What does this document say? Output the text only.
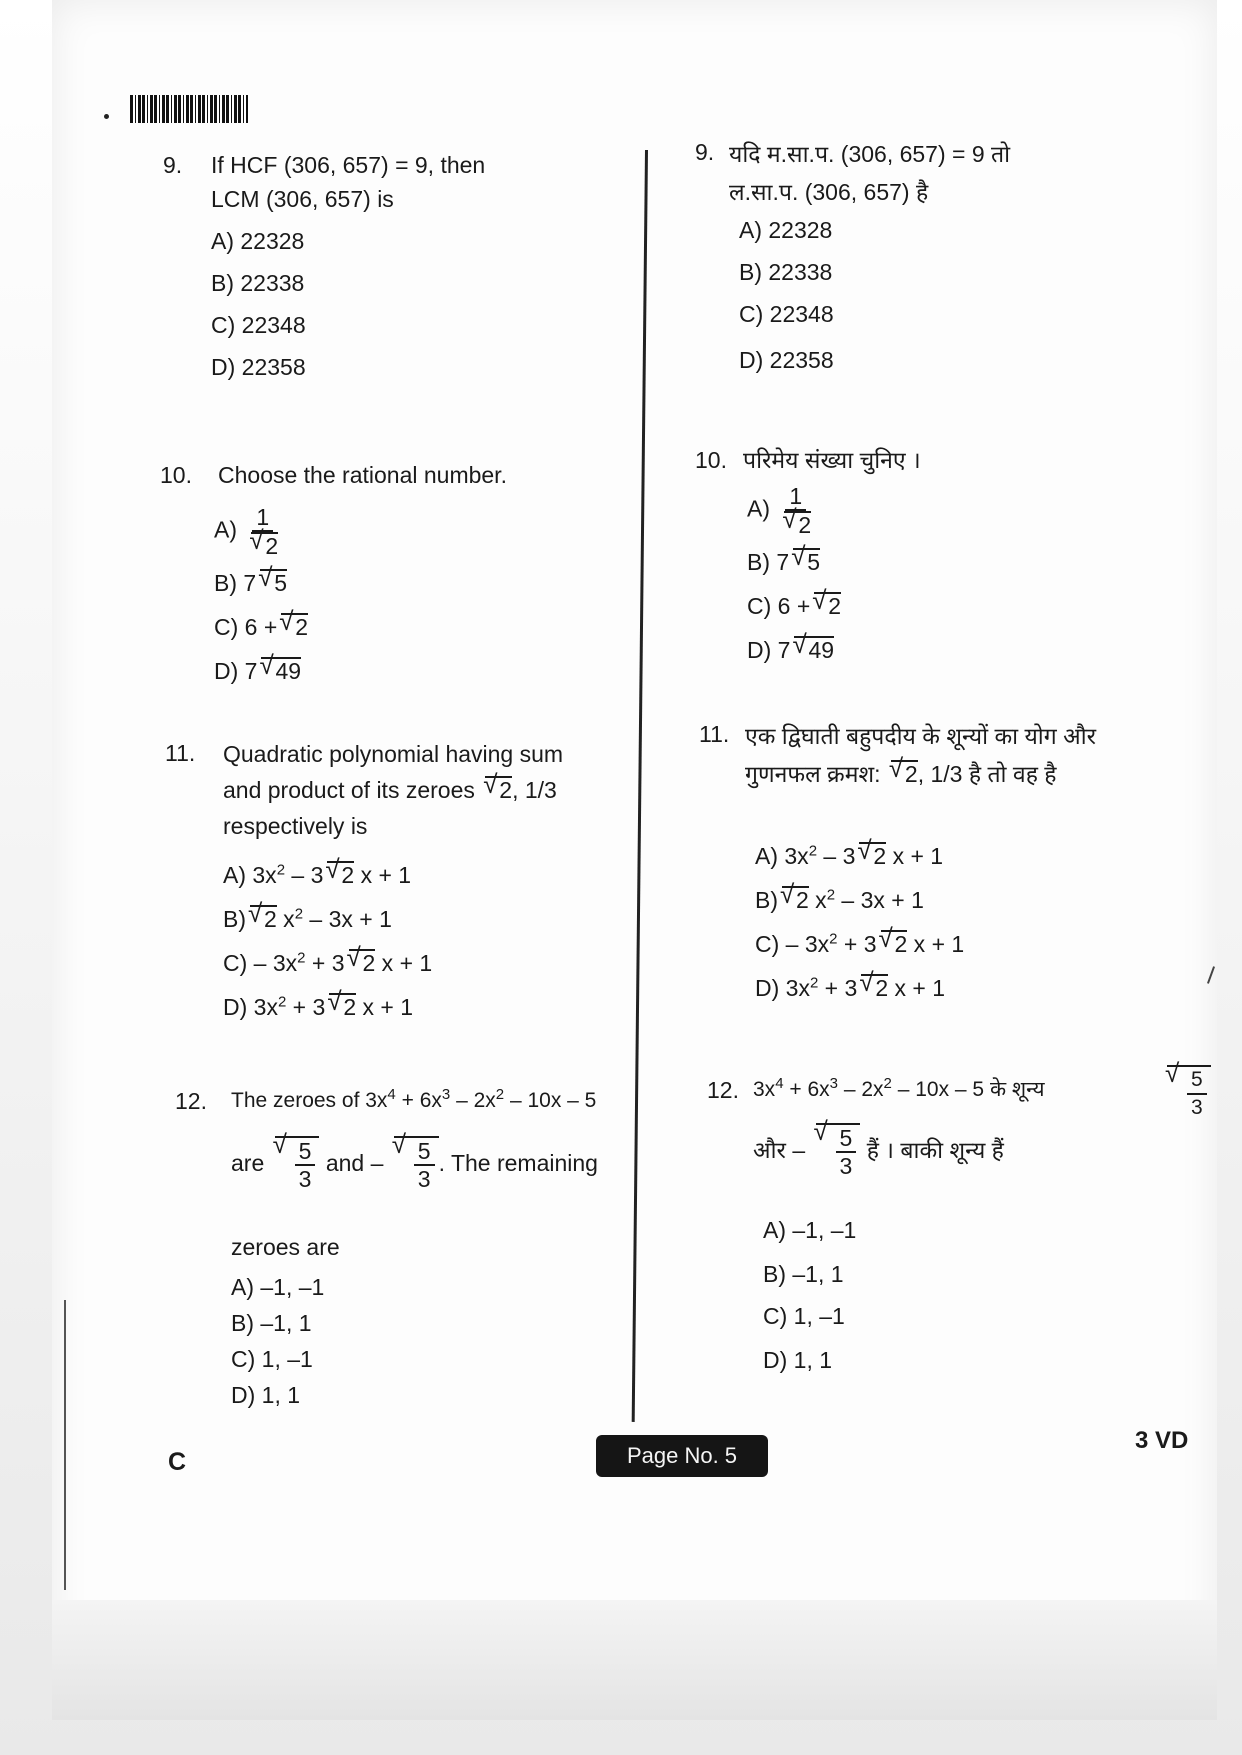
9. If HCF (306, 657) = 9, then
LCM (306, 657) is
A) 22328
B) 22338
C) 22348
D) 22358
10. Choose the rational number.
A) 1
√ 2
B) 7√ 5
C) 6 +√ 2
D) 7√ 49
11. Quadratic polynomial having sum
and product of its zeroes √ 2, 1/3
respectively is
A) $3x^2 - 3√$ 2 x + 1
B)√ 2 $x^2 - 3x + 1$
$C) - 3x^2 + 3√$ 2 x + 1
D) $3x^2 + 3√$ 2 x + 1
12. The zeroes of $3x^4 + 6x^3 - 2x^2 - 10x - 5$
are
√ $\frac{5}{3}$ and –
√ $\frac{5}{3}$ . The remaining
zeroes are
A) –1, –1
B) –1, 1
C) 1, –1
D) 1, 1
9. यदि म.सा.प. (306, 657) = 9 तो
ल.सा.प. (306, 657) है
A) 22328
B) 22338
C) 22348
D) 22358
10. परिमेय संख्या चुनिए ।
A) 1
√ 2
B) 7√ 5
C) 6 +√ 2
D) 7√ 49
11. एक द्विघाती बहुपदीय के शून्यों का योग और
गुणनफल क्रमश: √ 2, 1/3 है तो वह है
A) $3x^2 - 3√$ 2 x + 1
B)√ 2 $x^2 - 3x + 1$
$C) - 3x^2 + 3√$ 2 x + 1
D) $3x^2 + 3√$ 2 x + 1
12. $3x^4 + 6x^3 - 2x^2 - 10x - 5$ के शून्य
√	$\frac{5}{3}$
और –
√ $\frac{5}{3}$ हैं । बाकी शून्य हैं
A) –1, –1
B) –1, 1
C) 1, –1
D) 1, 1
C	Page No. 5
3 VD
